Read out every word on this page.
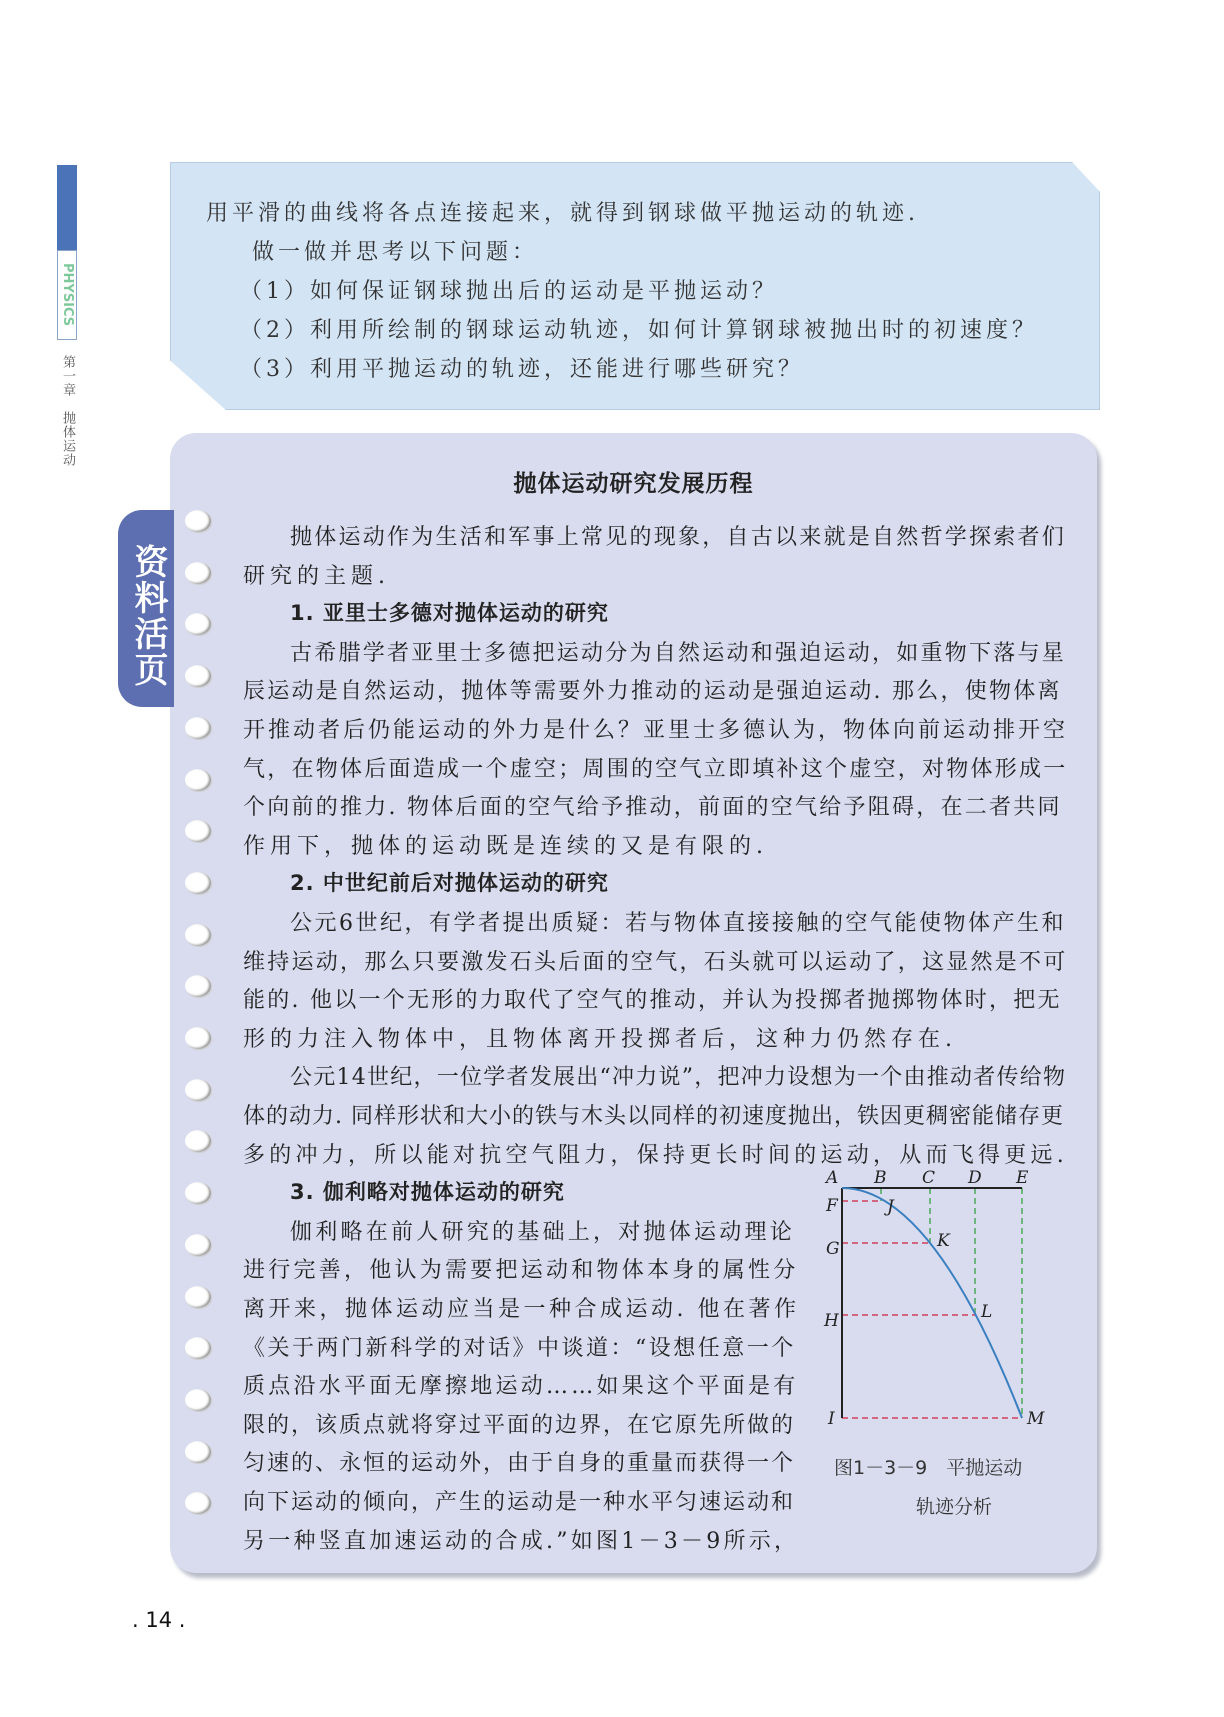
PHYSICS
第一章　抛体运动
用平滑的曲线将各点连接起来，就得到钢球做平抛运动的轨迹.
做一做并思考以下问题：
（1）如何保证钢球抛出后的运动是平抛运动？
（2）利用所绘制的钢球运动轨迹，如何计算钢球被抛出时的初速度？
（3）利用平抛运动的轨迹，还能进行哪些研究？
资料活页
抛体运动研究发展历程
抛体运动作为生活和军事上常见的现象，自古以来就是自然哲学探索者们
研究的主题.
1. 亚里士多德对抛体运动的研究
古希腊学者亚里士多德把运动分为自然运动和强迫运动，如重物下落与星
辰运动是自然运动，抛体等需要外力推动的运动是强迫运动. 那么，使物体离
开推动者后仍能运动的外力是什么？亚里士多德认为，物体向前运动排开空
气，在物体后面造成一个虚空；周围的空气立即填补这个虚空，对物体形成一
个向前的推力. 物体后面的空气给予推动，前面的空气给予阻碍，在二者共同
作用下，抛体的运动既是连续的又是有限的.
2. 中世纪前后对抛体运动的研究
公元6世纪，有学者提出质疑：若与物体直接接触的空气能使物体产生和
维持运动，那么只要激发石头后面的空气，石头就可以运动了，这显然是不可
能的. 他以一个无形的力取代了空气的推动，并认为投掷者抛掷物体时，把无
形的力注入物体中，且物体离开投掷者后，这种力仍然存在.
公元14世纪，一位学者发展出“冲力说”，把冲力设想为一个由推动者传给物
体的动力. 同样形状和大小的铁与木头以同样的初速度抛出，铁因更稠密能储存更
多的冲力，所以能对抗空气阻力，保持更长时间的运动，从而飞得更远.
3. 伽利略对抛体运动的研究
伽利略在前人研究的基础上，对抛体运动理论
进行完善，他认为需要把运动和物体本身的属性分
离开来，抛体运动应当是一种合成运动. 他在著作
《关于两门新科学的对话》中谈道：“设想任意一个
质点沿水平面无摩擦地运动……如果这个平面是有
限的，该质点就将穿过平面的边界，在它原先所做的
匀速的、永恒的运动外，由于自身的重量而获得一个
向下运动的倾向，产生的运动是一种水平匀速运动和
另一种竖直加速运动的合成.”如图1－3－9所示，
A B C D E
F
G
H
I
J
K
L
M
图1－3－9　平抛运动
轨迹分析
. 14 .
